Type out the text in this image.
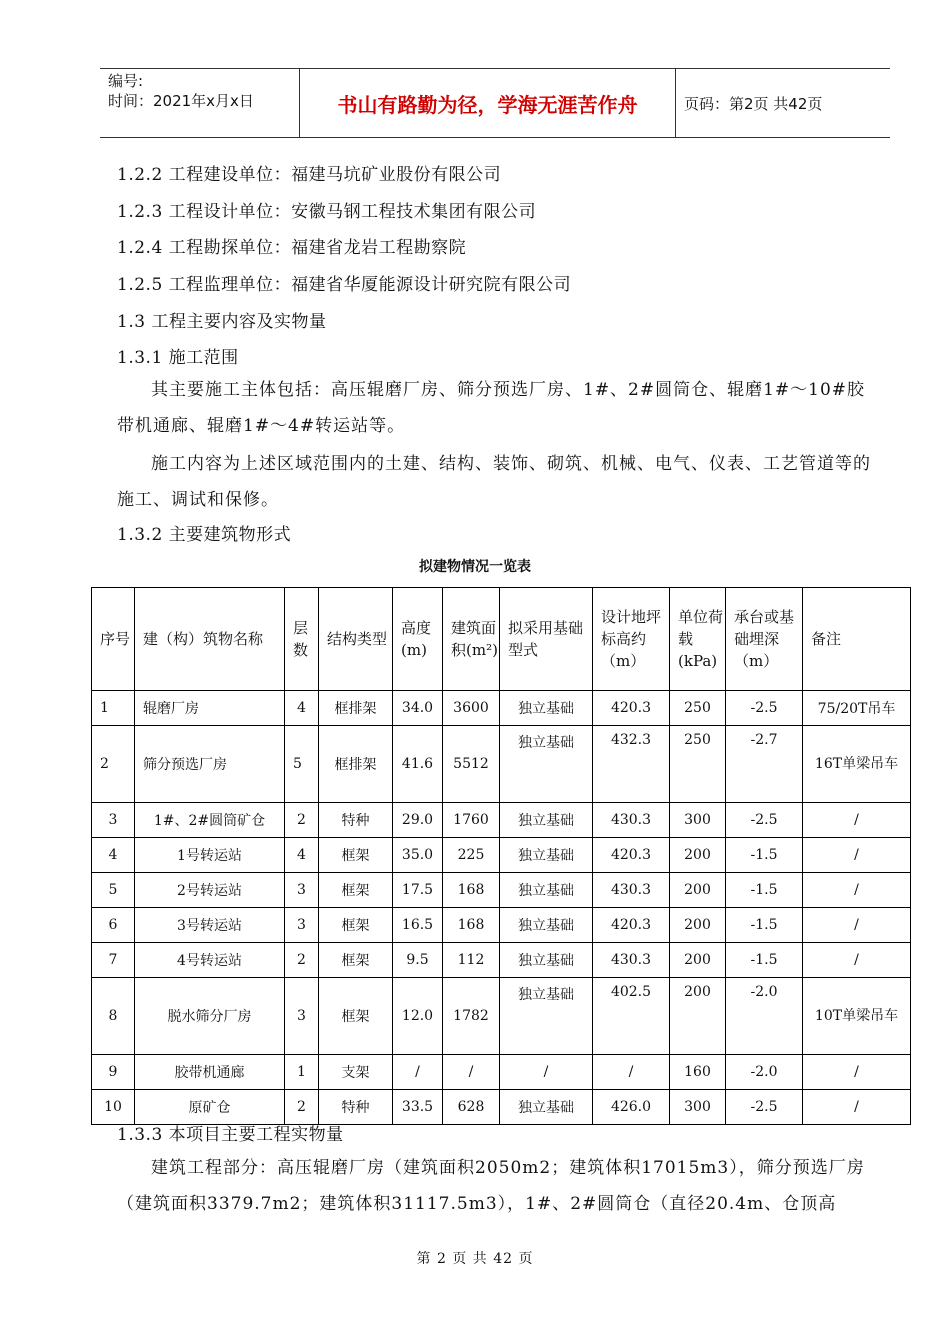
编号:
时间：2021年x月x日	书山有路勤为径，学海无涯苦作舟	页码：第2页 共42页
1.2.2 工程建设单位：福建马坑矿业股份有限公司
1.2.3 工程设计单位：安徽马钢工程技术集团有限公司
1.2.4 工程勘探单位：福建省龙岩工程勘察院
1.2.5 工程监理单位：福建省华厦能源设计研究院有限公司
1.3 工程主要内容及实物量
1.3.1 施工范围
其主要施工主体包括：高压辊磨厂房、筛分预选厂房、1#、2#圆筒仓、辊磨1#～10#胶带机通廊、辊磨1#～4#转运站等。
施工内容为上述区域范围内的土建、结构、装饰、砌筑、机械、电气、仪表、工艺管道等的施工、调试和保修。
1.3.2 主要建筑物形式
拟建物情况一览表
序号	建（构）筑物名称	层数	结构类型	高度(m)	建筑面积(m²)	拟采用基础型式	设计地坪标高约（m）	单位荷载(kPa)	承台或基础埋深（m）	备注
1	辊磨厂房	4	框排架	34.0	3600	独立基础	420.3	250	-2.5	75/20T吊车
2	筛分预选厂房	5	框排架	41.6	5512	独立基础	432.3	250	-2.7	16T单梁吊车
3	1#、2#圆筒矿仓	2	特种	29.0	1760	独立基础	430.3	300	-2.5	/
4	1号转运站	4	框架	35.0	225	独立基础	420.3	200	-1.5	/
5	2号转运站	3	框架	17.5	168	独立基础	430.3	200	-1.5	/
6	3号转运站	3	框架	16.5	168	独立基础	420.3	200	-1.5	/
7	4号转运站	2	框架	9.5	112	独立基础	430.3	200	-1.5	/
8	脱水筛分厂房	3	框架	12.0	1782	独立基础	402.5	200	-2.0	10T单梁吊车
9	胶带机通廊	1	支架	/	/	/	/	160	-2.0	/
10	原矿仓	2	特种	33.5	628	独立基础	426.0	300	-2.5	/
1.3.3 本项目主要工程实物量
建筑工程部分：高压辊磨厂房（建筑面积2050m2；建筑体积17015m3），筛分预选厂房（建筑面积3379.7m2；建筑体积31117.5m3），1#、2#圆筒仓（直径20.4m、仓顶高
第 2 页 共 42 页
